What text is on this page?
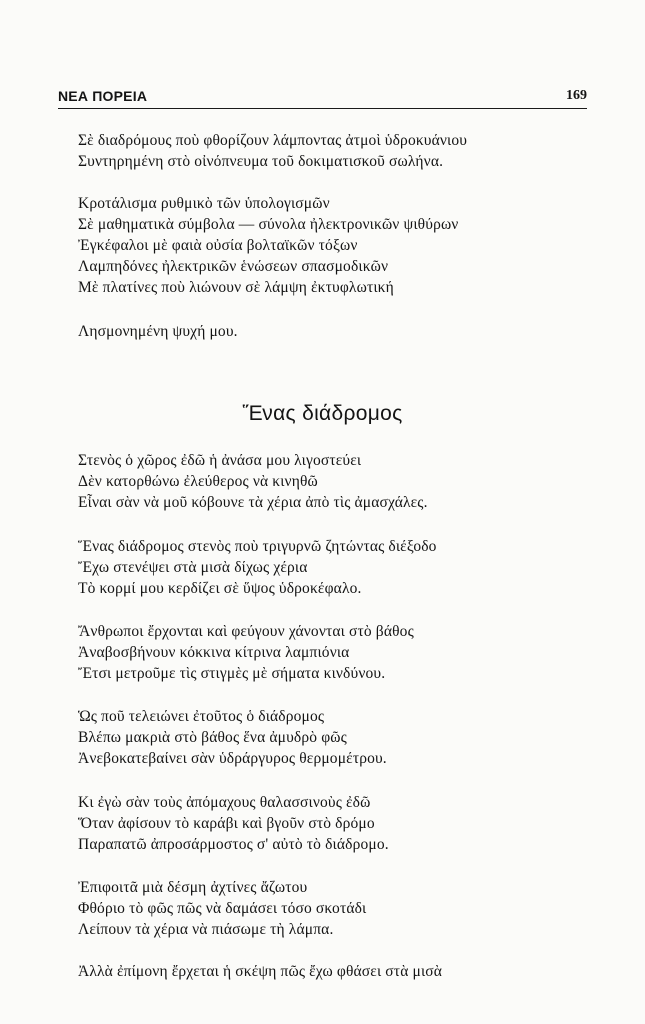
ΝΕΑ ΠΟΡΕΙΑ	169
Σὲ διαδρόμους ποὺ φθορίζουν λάμποντας ἀτμοὶ ὑδροκυάνιου
Συντηρημένη στὸ οἰνόπνευμα τοῦ δοκιματισκοῦ σωλήνα.
Κροτάλισμα ρυθμικὸ τῶν ὑπολογισμῶν
Σὲ μαθηματικὰ σύμβολα — σύνολα ἠλεκτρονικῶν ψιθύρων
Ἐγκέφαλοι μὲ φαιὰ οὐσία βολταϊκῶν τόξων
Λαμπηδόνες ἠλεκτρικῶν ἑνώσεων σπασμοδικῶν
Μὲ πλατίνες ποὺ λιώνουν σὲ λάμψη ἐκτυφλωτική
Λησμονημένη ψυχή μου.
Ἕνας διάδρομος
Στενὸς ὁ χῶρος ἐδῶ ἡ ἀνάσα μου λιγοστεύει
Δὲν κατορθώνω ἐλεύθερος νὰ κινηθῶ
Εἶναι σὰν νὰ μοῦ κόβουνε τὰ χέρια ἀπὸ τὶς ἀμασχάλες.
Ἕνας διάδρομος στενὸς ποὺ τριγυρνῶ ζητώντας διέξοδο
Ἔχω στενέψει στὰ μισὰ δίχως χέρια
Τὸ κορμί μου κερδίζει σὲ ὕψος ὑδροκέφαλο.
Ἄνθρωποι ἔρχονται καὶ φεύγουν χάνονται στὸ βάθος
Ἀναβοσβήνουν κόκκινα κίτρινα λαμπιόνια
Ἔτσι μετροῦμε τὶς στιγμὲς μὲ σήματα κινδύνου.
Ὡς ποῦ τελειώνει ἐτοῦτος ὁ διάδρομος
Βλέπω μακριὰ στὸ βάθος ἕνα ἀμυδρὸ φῶς
Ἀνεβοκατεβαίνει σὰν ὑδράργυρος θερμομέτρου.
Κι ἐγὼ σὰν τοὺς ἀπόμαχους θαλασσινοὺς ἐδῶ
Ὅταν ἀφίσουν τὸ καράβι καὶ βγοῦν στὸ δρόμο
Παραπατῶ ἀπροσάρμοστος σ' αὐτὸ τὸ διάδρομο.
Ἐπιφοιτᾶ μιὰ δέσμη ἀχτίνες ἄζωτου
Φθόριο τὸ φῶς πῶς νὰ δαμάσει τόσο σκοτάδι
Λείπουν τὰ χέρια νὰ πιάσωμε τὴ λάμπα.
Ἀλλὰ ἐπίμονη ἔρχεται ἡ σκέψη πῶς ἔχω φθάσει στὰ μισὰ
